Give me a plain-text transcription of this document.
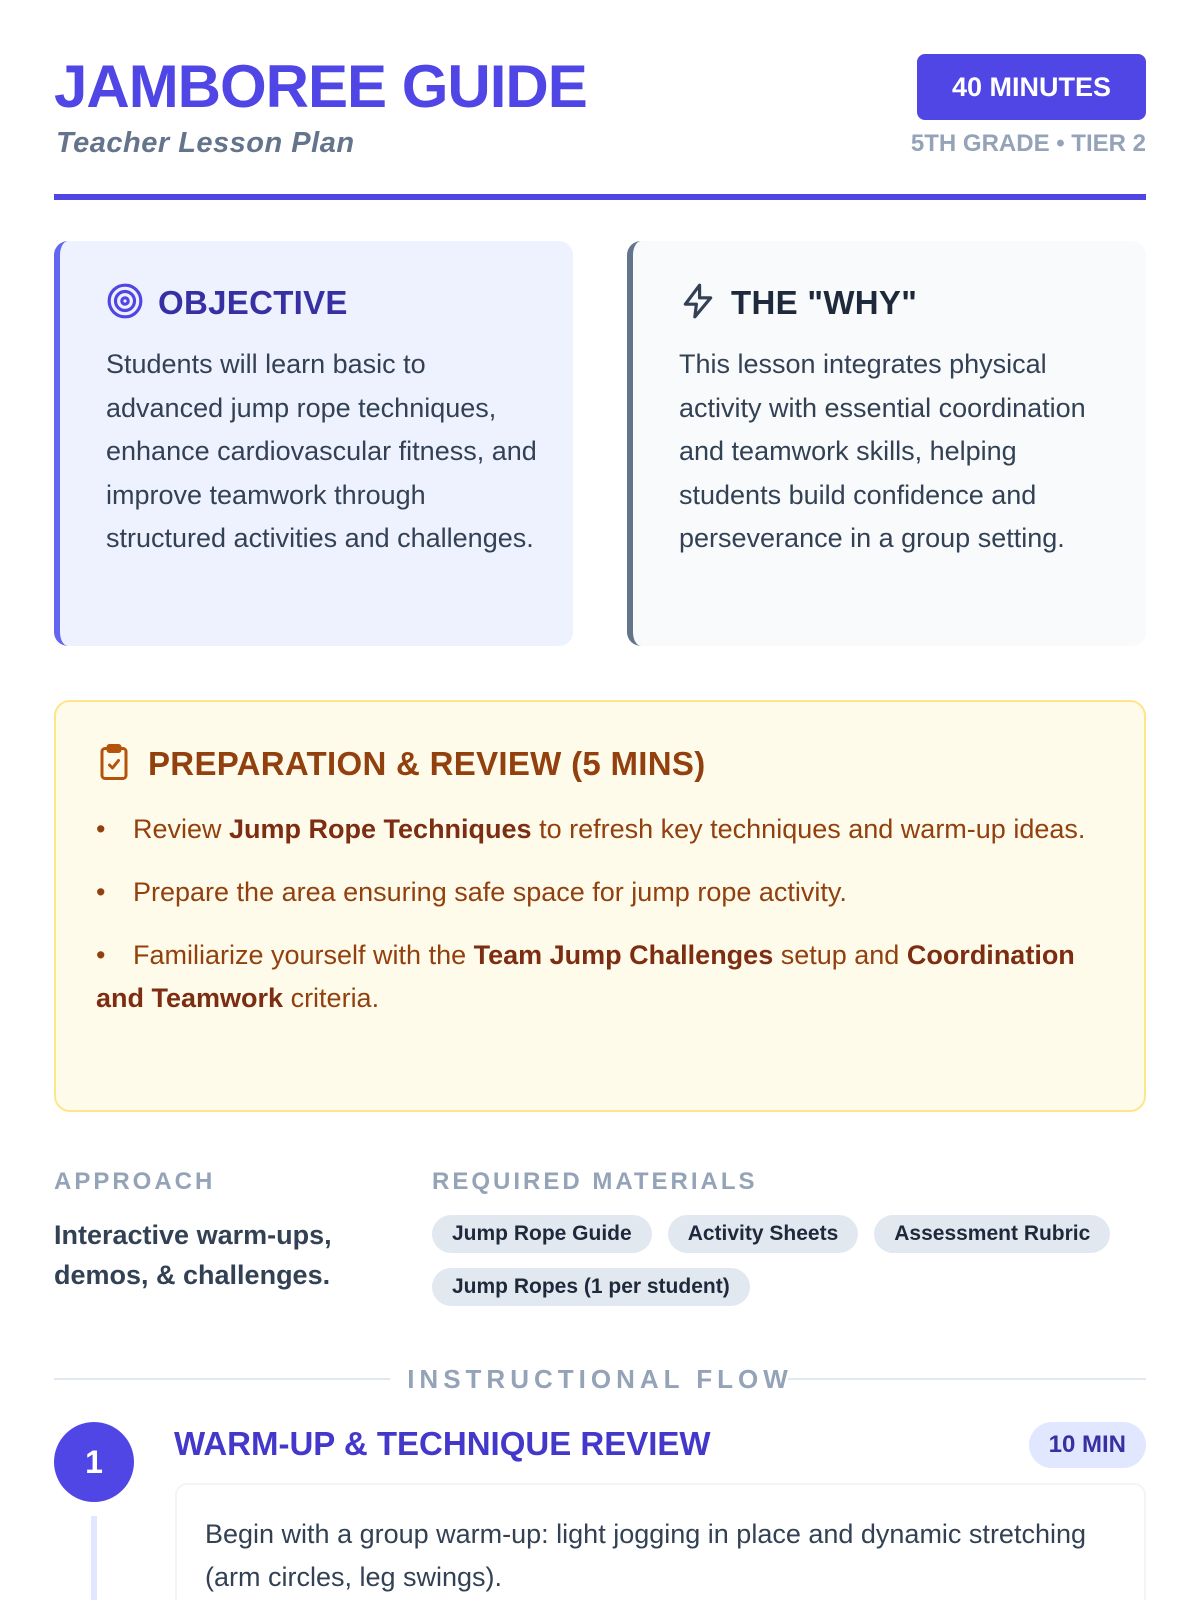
JAMBOREE GUIDE
Teacher Lesson Plan
40 MINUTES
5TH GRADE • TIER 2
OBJECTIVE
Students will learn basic to advanced jump rope techniques, enhance cardiovascular fitness, and improve teamwork through structured activities and challenges.
THE "WHY"
This lesson integrates physical activity with essential coordination and teamwork skills, helping students build confidence and perseverance in a group setting.
PREPARATION & REVIEW (5 MINS)
• Review Jump Rope Techniques to refresh key techniques and warm-up ideas.
• Prepare the area ensuring safe space for jump rope activity.
• Familiarize yourself with the Team Jump Challenges setup and Coordination and Teamwork criteria.
APPROACH
Interactive warm-ups, demos, & challenges.
REQUIRED MATERIALS
Jump Rope Guide	Activity Sheets	Assessment Rubric
Jump Ropes (1 per student)
INSTRUCTIONAL FLOW
1	WARM-UP & TECHNIQUE REVIEW	10 MIN

Begin with a group warm-up: light jogging in place and dynamic stretching (arm circles, leg swings).
